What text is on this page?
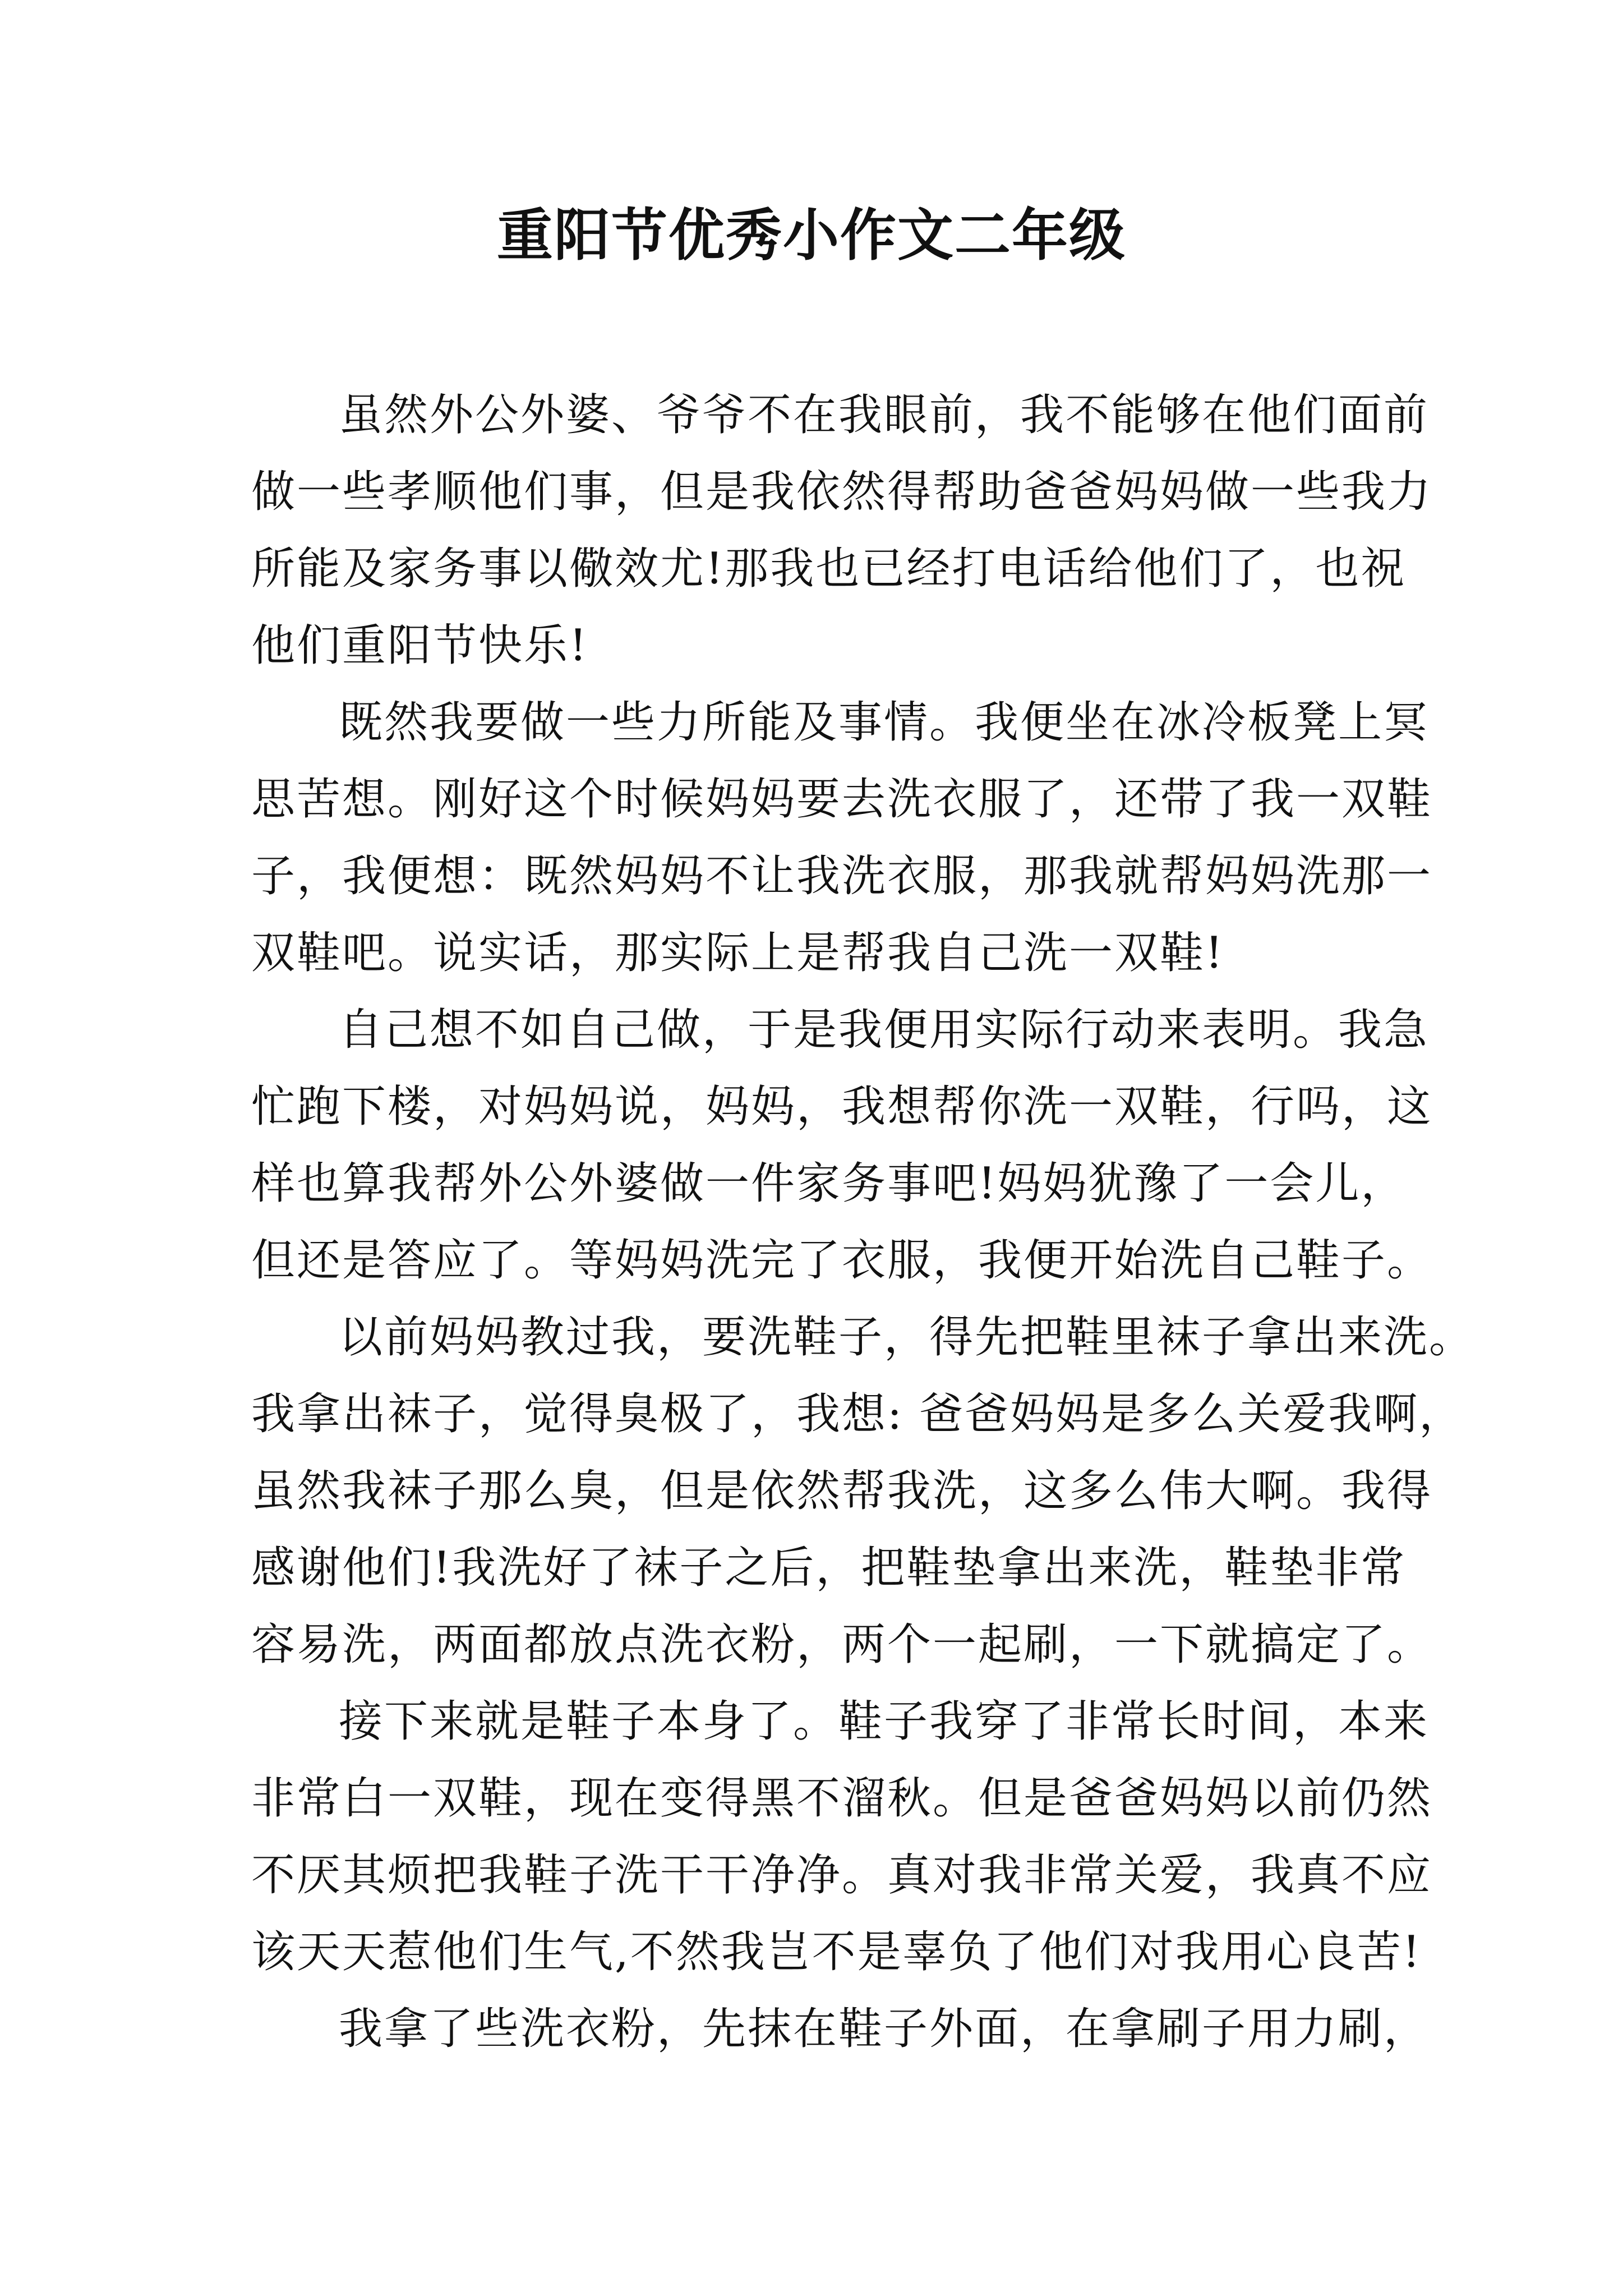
重阳节优秀小作文二年级

虽然外公外婆、爷爷不在我眼前，我不能够在他们面前

做一些孝顺他们事，但是我依然得帮助爸爸妈妈做一些我力

所能及家务事以儆效尤!那我也已经打电话给他们了，也祝

他们重阳节快乐!

既然我要做一些力所能及事情。我便坐在冰冷板凳上冥

思苦想。刚好这个时候妈妈要去洗衣服了，还带了我一双鞋

子，我便想：既然妈妈不让我洗衣服，那我就帮妈妈洗那一

双鞋吧。说实话，那实际上是帮我自己洗一双鞋!

自己想不如自己做，于是我便用实际行动来表明。我急

忙跑下楼，对妈妈说，妈妈，我想帮你洗一双鞋，行吗，这

样也算我帮外公外婆做一件家务事吧!妈妈犹豫了一会儿，

但还是答应了。等妈妈洗完了衣服，我便开始洗自己鞋子。

以前妈妈教过我，要洗鞋子，得先把鞋里袜子拿出来洗。

我拿出袜子，觉得臭极了，我想: 爸爸妈妈是多么关爱我啊，

虽然我袜子那么臭，但是依然帮我洗，这多么伟大啊。我得

感谢他们!我洗好了袜子之后，把鞋垫拿出来洗，鞋垫非常

容易洗，两面都放点洗衣粉，两个一起刷，一下就搞定了。

接下来就是鞋子本身了。鞋子我穿了非常长时间，本来

非常白一双鞋，现在变得黑不溜秋。但是爸爸妈妈以前仍然

不厌其烦把我鞋子洗干干净净。真对我非常关爱，我真不应

该天天惹他们生气,不然我岂不是辜负了他们对我用心良苦!

我拿了些洗衣粉，先抹在鞋子外面，在拿刷子用力刷，
